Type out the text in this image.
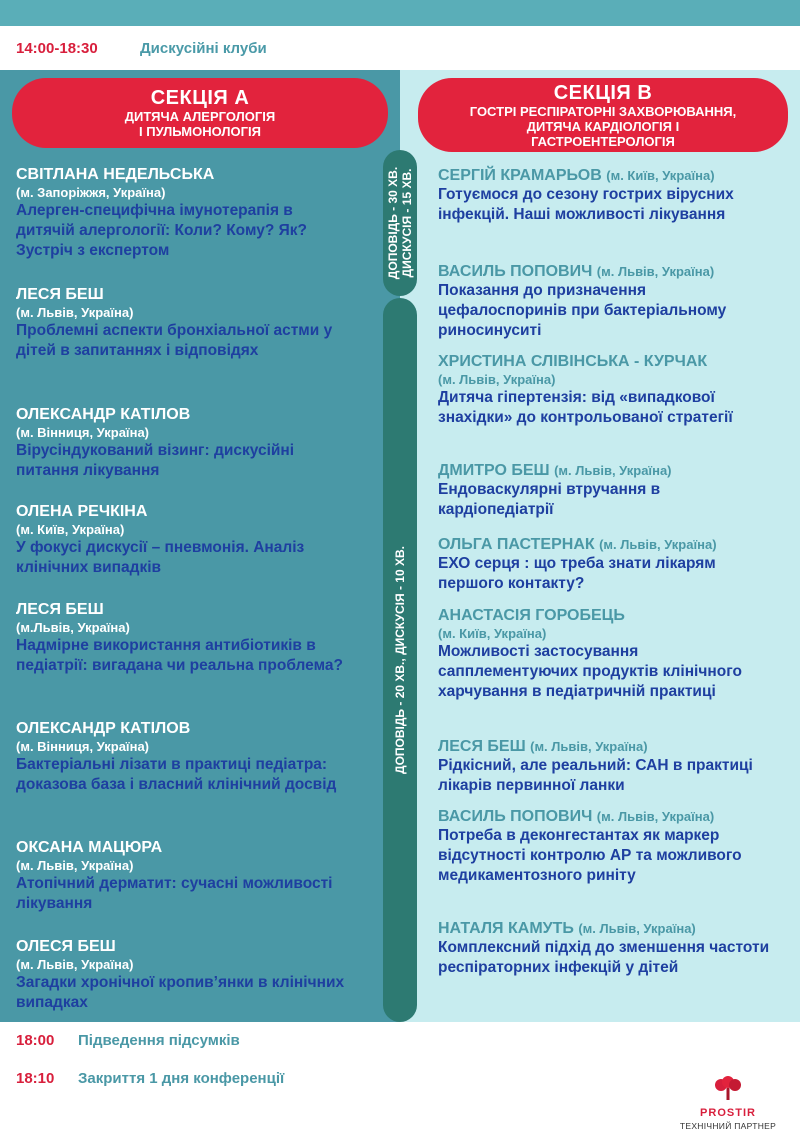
14:00-18:30	Дискусійні клуби
СЕКЦІЯ А
ДИТЯЧА АЛЕРГОЛОГІЯ
І ПУЛЬМОНОЛОГІЯ
СЕКЦІЯ В
ГОСТРІ РЕСПІРАТОРНІ ЗАХВОРЮВАННЯ,
ДИТЯЧА КАРДІОЛОГІЯ І
ГАСТРОЕНТЕРОЛОГІЯ
СВІТЛАНА НЕДЕЛЬСЬКА
(м. Запоріжжя, Україна)
Алерген-специфічна імунотерапія в дитячій алергології: Коли? Кому? Як? Зустріч з експертом
ЛЕСЯ БЕШ
(м. Львів, Україна)
Проблемні аспекти бронхіальної астми у дітей в запитаннях і відповідях
ОЛЕКСАНДР КАТІЛОВ
(м. Вінниця, Україна)
Вірусіндукований візинг: дискусійні питання лікування
ОЛЕНА РЕЧКІНА
(м. Київ, Україна)
У фокусі дискусії – пневмонія. Аналіз клінічних випадків
ЛЕСЯ БЕШ
(м.Львів, Україна)
Надмірне використання антибіотиків в педіатрії: вигадана чи реальна проблема?
ОЛЕКСАНДР КАТІЛОВ
(м. Вінниця, Україна)
Бактеріальні лізати в практиці педіатра: доказова база і власний клінічний досвід
ОКСАНА МАЦЮРА
(м. Львів, Україна)
Атопічний дерматит: сучасні можливості лікування
ОЛЕСЯ БЕШ
(м. Львів, Україна)
Загадки хронічної кропив’янки в клінічних випадках
ДОПОВІДЬ - 30 ХВ. ДИСКУСІЯ - 15 ХВ.
ДОПОВІДЬ - 20 ХВ., ДИСКУСІЯ - 10 ХВ.
СЕРГІЙ КРАМАРЬОВ (м. Київ, Україна)
Готуємося до сезону гострих вірусних інфекцій. Наші можливості лікування
ВАСИЛЬ ПОПОВИЧ (м. Львів, Україна)
Показання до призначення цефалоспоринів при бактеріальному риносинуситі
ХРИСТИНА СЛІВІНСЬКА - КУРЧАК
(м. Львів, Україна)
Дитяча гіпертензія: від «випадкової знахідки» до контрольованої стратегії
ДМИТРО БЕШ (м. Львів, Україна)
Ендоваскулярні втручання в кардіопедіатрії
ОЛЬГА ПАСТЕРНАК (м. Львів, Україна)
ЕХО серця : що треба знати лікарям першого контакту?
АНАСТАСІЯ ГОРОБЕЦЬ
(м. Київ, Україна)
Можливості застосування сапплементуючих продуктів клінічного харчування в педіатричній практиці
ЛЕСЯ БЕШ (м. Львів, Україна)
Рідкісний, але реальний: САН в практиці лікарів первинної ланки
ВАСИЛЬ ПОПОВИЧ (м. Львів, Україна)
Потреба в деконгестантах як маркер відсутності контролю АР та можливого медикаментозного риніту
НАТАЛЯ КАМУТЬ (м. Львів, Україна)
Комплексний підхід до зменшення частоти респіраторних інфекцій у дітей
18:00	Підведення підсумків
18:10	Закриття 1 дня конференції
PROSTIR
ТЕХНІЧНИЙ ПАРТНЕР
